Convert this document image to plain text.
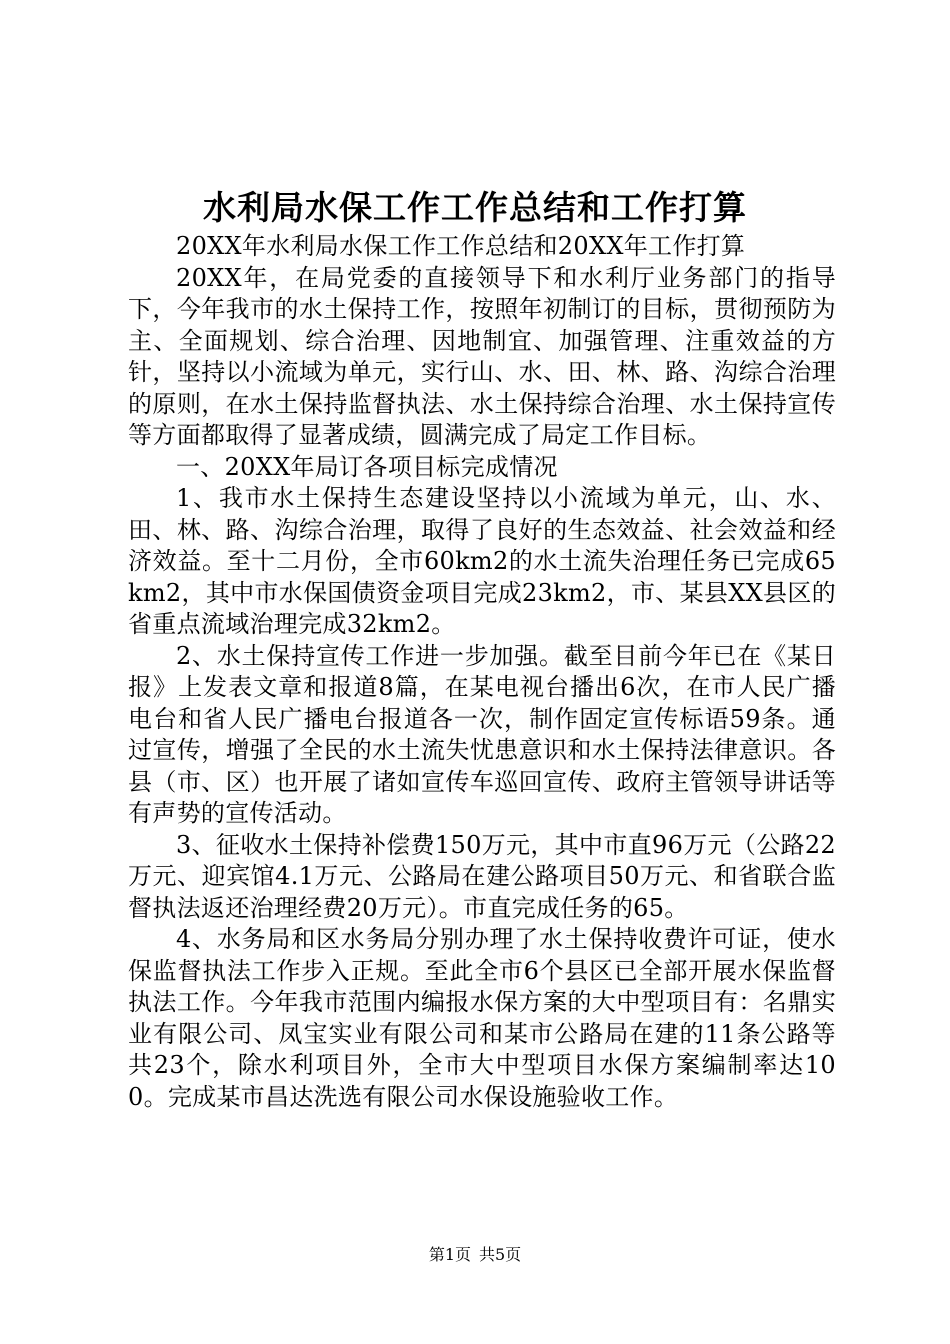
水利局水保工作工作总结和工作打算

20XX年水利局水保工作工作总结和20XX年工作打算

20XX年，在局党委的直接领导下和水利厅业务部门的指导下，今年我市的水土保持工作，按照年初制订的目标，贯彻预防为主、全面规划、综合治理、因地制宜、加强管理、注重效益的方针，坚持以小流域为单元，实行山、水、田、林、路、沟综合治理的原则，在水土保持监督执法、水土保持综合治理、水土保持宣传等方面都取得了显著成绩，圆满完成了局定工作目标。

一、20XX年局订各项目标完成情况

1、我市水土保持生态建设坚持以小流域为单元，山、水、田、林、路、沟综合治理，取得了良好的生态效益、社会效益和经济效益。至十二月份，全市60km2的水土流失治理任务已完成65km2，其中市水保国债资金项目完成23km2，市、某县XX县区的省重点流域治理完成32km2。

2、水土保持宣传工作进一步加强。截至目前今年已在《某日报》上发表文章和报道8篇，在某电视台播出6次，在市人民广播电台和省人民广播电台报道各一次，制作固定宣传标语59条。通过宣传，增强了全民的水土流失忧患意识和水土保持法律意识。各县（市、区）也开展了诸如宣传车巡回宣传、政府主管领导讲话等有声势的宣传活动。

3、征收水土保持补偿费150万元，其中市直96万元（公路22万元、迎宾馆4.1万元、公路局在建公路项目50万元、和省联合监督执法返还治理经费20万元）。市直完成任务的65。

4、水务局和区水务局分别办理了水土保持收费许可证，使水保监督执法工作步入正规。至此全市6个县区已全部开展水保监督执法工作。今年我市范围内编报水保方案的大中型项目有：名鼎实业有限公司、凤宝实业有限公司和某市公路局在建的11条公路等共23个，除水利项目外，全市大中型项目水保方案编制率达100。完成某市昌达洗选有限公司水保设施验收工作。

第1页 共5页
